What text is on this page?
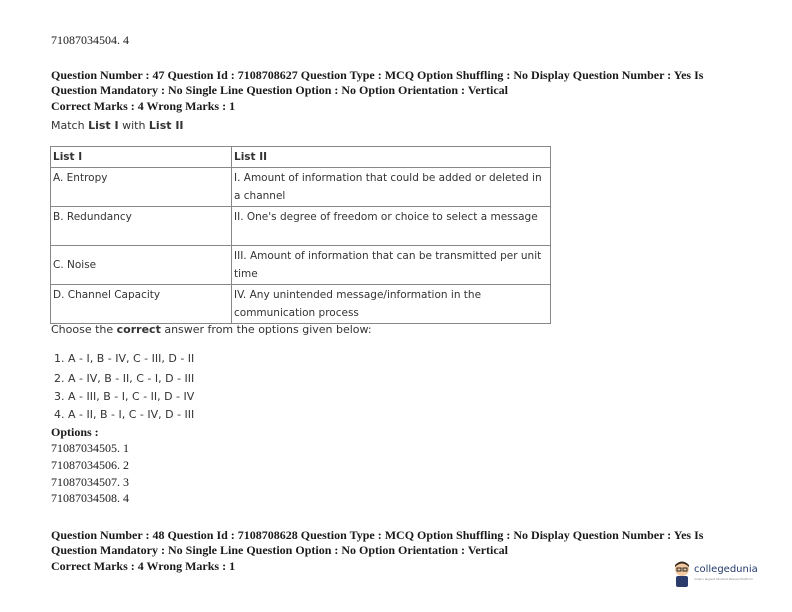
71087034504. 4
Question Number : 47 Question Id : 7108708627 Question Type : MCQ Option Shuffling : No Display Question Number : Yes Is Question Mandatory : No Single Line Question Option : No Option Orientation : Vertical
Correct Marks : 4 Wrong Marks : 1
Match List I with List II
List I	List II
A. Entropy	I. Amount of information that could be added or deleted in a channel
B. Redundancy	II. One's degree of freedom or choice to select a message
C. Noise	III. Amount of information that can be transmitted per unit time
D. Channel Capacity	IV. Any unintended message/information in the communication process
Choose the correct answer from the options given below:
1. A - I, B - IV, C - III, D - II
2. A - IV, B - II, C - I, D - III
3. A - III, B - I, C - II, D - IV
4. A - II, B - I, C - IV, D - III
Options :
71087034505. 1
71087034506. 2
71087034507. 3
71087034508. 4
Question Number : 48 Question Id : 7108708628 Question Type : MCQ Option Shuffling : No Display Question Number : Yes Is Question Mandatory : No Single Line Question Option : No Option Orientation : Vertical
Correct Marks : 4 Wrong Marks : 1	collegedunia
India's largest Student Review Platform
